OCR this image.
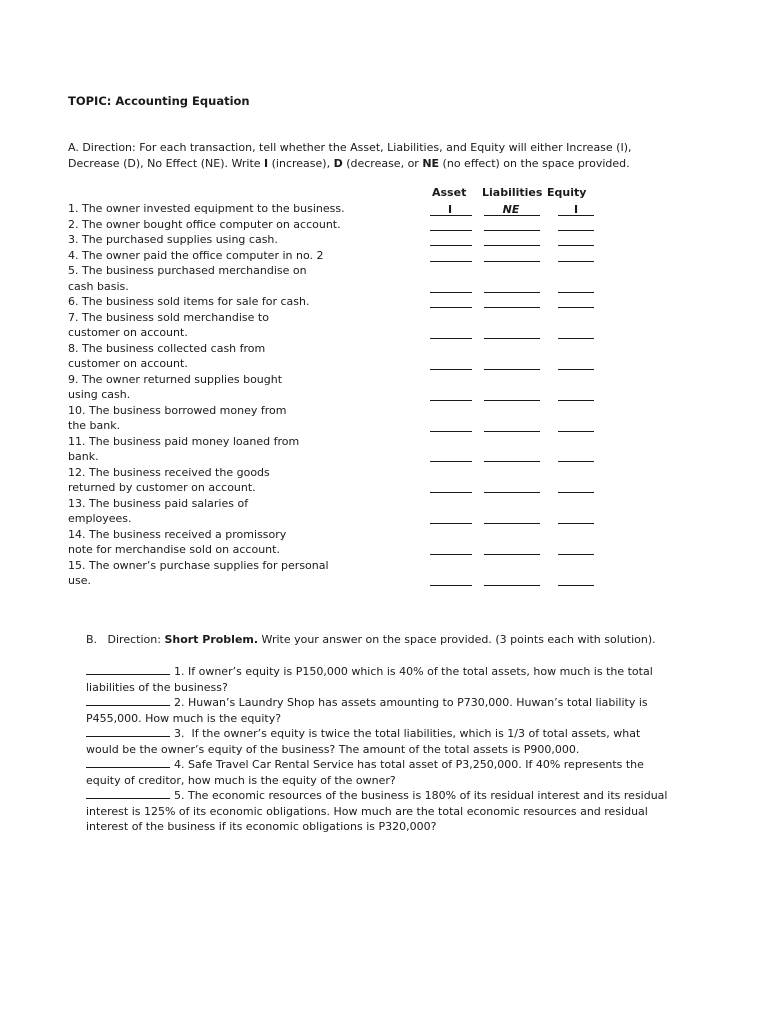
TOPIC: Accounting Equation
A. Direction: For each transaction, tell whether the Asset, Liabilities, and Equity will either Increase (I),
Decrease (D), No Effect (NE). Write I (increase), D (decrease, or NE (no effect) on the space provided.
Asset Liabilities Equity
1. The owner invested equipment to the business.
2. The owner bought office computer on account.
3. The purchased supplies using cash.
4. The owner paid the office computer in no. 2
5. The business purchased merchandise on
cash basis.
6. The business sold items for sale for cash.
7. The business sold merchandise to
customer on account.
8. The business collected cash from
customer on account.
9. The owner returned supplies bought
using cash.
10. The business borrowed money from
the bank.
11. The business paid money loaned from
bank.
12. The business received the goods
returned by customer on account.
13. The business paid salaries of
employees.
14. The business received a promissory
note for merchandise sold on account.
15. The owner’s purchase supplies for personal
use.
I	NE	I
B.   Direction: Short Problem. Write your answer on the space provided. (3 points each with solution).
1. If owner’s equity is P150,000 which is 40% of the total assets, how much is the total
liabilities of the business?
2. Huwan’s Laundry Shop has assets amounting to P730,000. Huwan’s total liability is
P455,000. How much is the equity?
3.  If the owner’s equity is twice the total liabilities, which is 1/3 of total assets, what
would be the owner’s equity of the business? The amount of the total assets is P900,000.
4. Safe Travel Car Rental Service has total asset of P3,250,000. If 40% represents the
equity of creditor, how much is the equity of the owner?
5. The economic resources of the business is 180% of its residual interest and its residual
interest is 125% of its economic obligations. How much are the total economic resources and residual
interest of the business if its economic obligations is P320,000?
